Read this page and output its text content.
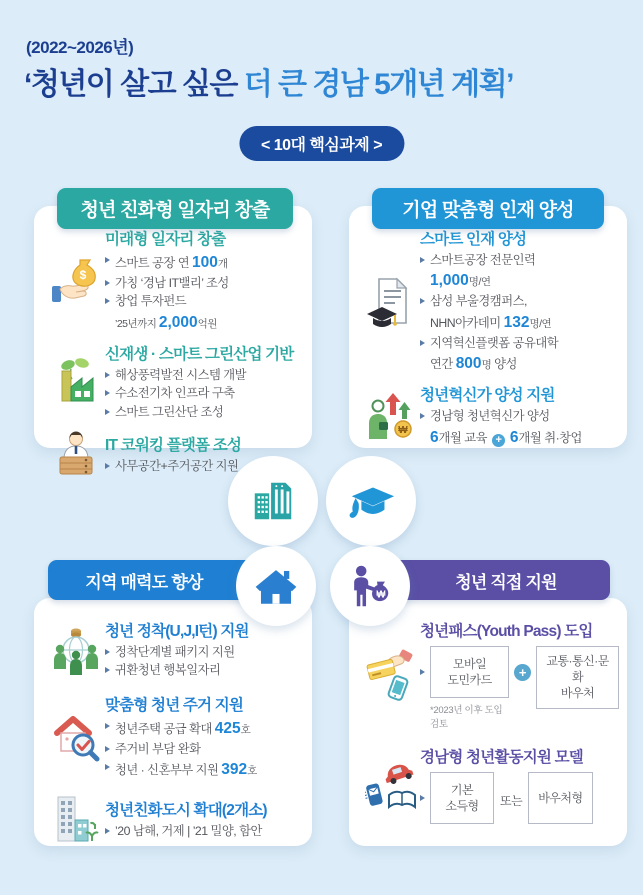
(2022~2026년)
‘청년이 살고 싶은 더 큰 경남 5개년 계획’
< 10대 핵심과제 >
$
미래형 일자리 창출
스마트 공장 연 100개
가칭 ‘경남 IT밸리’ 조성
창업 투자펀드
’25년까지 2,000억원
신재생 · 스마트 그린산업 기반
해상풍력발전 시스템 개발
수소전기차 인프라 구축
스마트 그린산단 조성
IT 코워킹 플랫폼 조성
사무공간+주거공간 지원
스마트 인재 양성
스마트공장 전문인력
1,000명/연
삼성 부울경캠퍼스,
NHN아카데미 132명/연
지역혁신플랫폼 공유대학
연간 800명 양성
₩
청년혁신가 양성 지원
경남형 청년혁신가 양성
6개월 교육 + 6개월 취·창업
청년 정착(U,J,I턴) 지원
정착단계별 패키지 지원
귀환청년 행복일자리
맞춤형 청년 주거 지원
청년주택 공급 확대 425호
주거비 부담 완화
청년 · 신혼부부 지원 392호
청년친화도시 확대(2개소)
’20 남해, 거제 | ’21 밀양, 함안
청년패스(Youth Pass) 도입
모바일
도민카드
*2023년 이후 도입 검토
+
교통·통신·문화
바우처
경남형 청년활동지원 모델
기본
소득형	또는 바우처형
청년 친화형 일자리 창출	기업 맞춤형 인재 양성
지역 매력도 향상	청년 직접 지원
₩
